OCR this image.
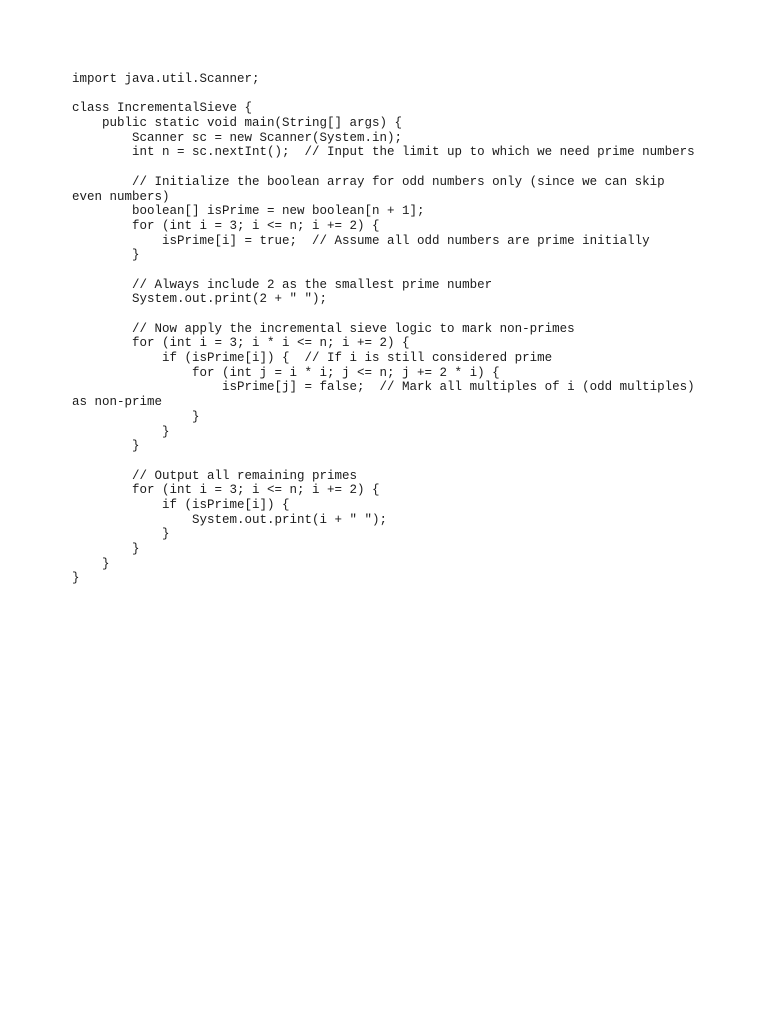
import java.util.Scanner;
class IncrementalSieve {
public static void main(String[] args) {
Scanner sc = new Scanner(System.in);
int n = sc.nextInt();  // Input the limit up to which we need prime numbers
// Initialize the boolean array for odd numbers only (since we can skip
even numbers)
boolean[] isPrime = new boolean[n + 1];
for (int i = 3; i <= n; i += 2) {
isPrime[i] = true;  // Assume all odd numbers are prime initially
}
// Always include 2 as the smallest prime number
System.out.print(2 + " ");
// Now apply the incremental sieve logic to mark non-primes
for (int i = 3; i * i <= n; i += 2) {
if (isPrime[i]) {  // If i is still considered prime
for (int j = i * i; j <= n; j += 2 * i) {
isPrime[j] = false;  // Mark all multiples of i (odd multiples)
as non-prime
}
}
}
// Output all remaining primes
for (int i = 3; i <= n; i += 2) {
if (isPrime[i]) {
System.out.print(i + " ");
}
}
}
}
